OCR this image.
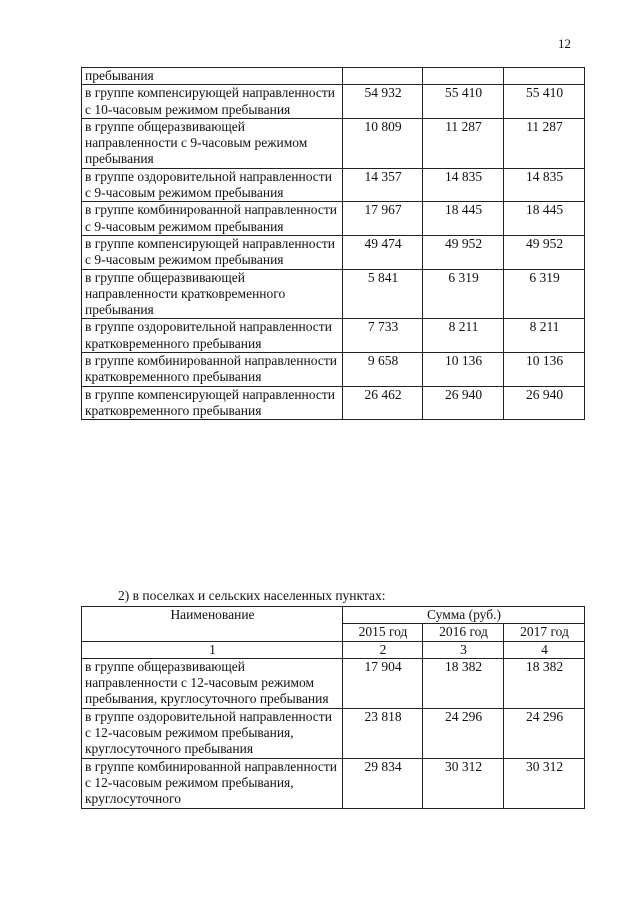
12
пребывания			
в группе компенсирующей направленности с 10-часовым режимом пребывания	54 932	55 410	55 410
в группе общеразвивающей направленности с 9-часовым режимом пребывания	10 809	11 287	11 287
в группе оздоровительной направленности с 9-часовым режимом пребывания	14 357	14 835	14 835
в группе комбинированной направленности с 9-часовым режимом пребывания	17 967	18 445	18 445
в группе компенсирующей направленности с 9-часовым режимом пребывания	49 474	49 952	49 952
в группе общеразвивающей направленности кратковременного пребывания	5 841	6 319	6 319
в группе оздоровительной направленности кратковременного пребывания	7 733	8 211	8 211
в группе комбинированной направленности кратковременного пребывания	9 658	10 136	10 136
в группе компенсирующей направленности кратковременного пребывания	26 462	26 940	26 940
2) в поселках и сельских населенных пунктах:
Наименование	Сумма (руб.)		
	2015 год	2016 год	2017 год
1	2	3	4
в группе общеразвивающей направленности с 12-часовым режимом пребывания, круглосуточного пребывания	17 904	18 382	18 382
в группе оздоровительной направленности с 12-часовым режимом пребывания, круглосуточного пребывания	23 818	24 296	24 296
в группе комбинированной направленности с 12-часовым режимом пребывания, круглосуточного	29 834	30 312	30 312
